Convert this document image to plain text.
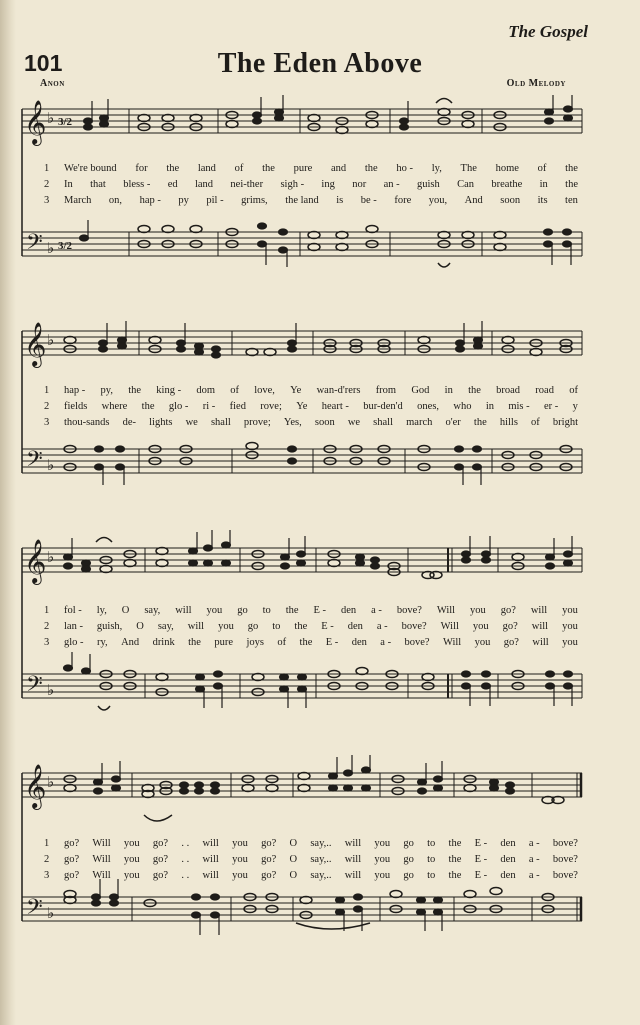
The Gospel
101	The Eden Above
Anon	Old Melody
𝄞
𝄢
♭
♭
3/2
3/2
1 We're bound for the land of the pure and the ho - ly, The home of the
2 In that bless - ed land nei-ther sigh - ing nor an - guish Can breathe in the
3 March on, hap - py pil - grims, the land is be - fore you, And soon its ten
𝄞
𝄢
♭
♭
1 hap - py, the king - dom of love, Ye wan-d'rers from God in the broad road of
2 fields where the glo - ri - fied rove; Ye heart - bur-den'd ones, who in mis - er - y
3 thou-sands de- lights we shall prove; Yes, soon we shall march o'er the hills of bright
𝄞
𝄢
♭
♭
1 fol - ly, O say, will you go to the E - den a - bove? Will you go? will you
2 lan - guish, O say, will you go to the E - den a - bove? Will you go? will you
3 glo - ry, And drink the pure joys of the E - den a - bove? Will you go? will you
𝄞
𝄢
♭
♭
1 go? Will you go? . . will you go? O say,.. will you go to the E - den a - bove?
2 go? Will you go? . . will you go? O say,.. will you go to the E - den a - bove?
3 go? Will you go? . . will you go? O say,.. will you go to the E - den a - bove?
